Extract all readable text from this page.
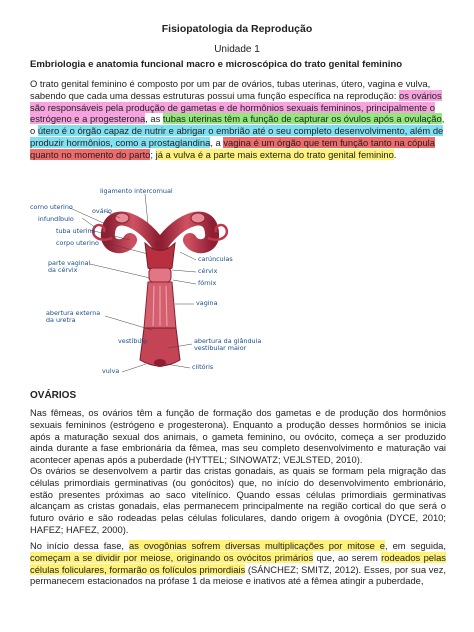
Fisiopatologia da Reprodução
Unidade 1
Embriologia e anatomia funcional macro e microscópica do trato genital feminino

O trato genital feminino é composto por um par de ovários, tubas uterinas, útero, vagina e vulva, sabendo que cada uma dessas estruturas possui uma função específica na reprodução: os ovários são responsáveis pela produção de gametas e de hormônios sexuais femininos, principalmente o estrógeno e a progesterona, as tubas uterinas têm a função de capturar os óvulos após a ovulação, o útero é o órgão capaz de nutrir e abrigar o embrião até o seu completo desenvolvimento, além de produzir hormônios, como a prostaglandina, a vagina é um órgão que tem função tanto na cópula quanto no momento do parto; já a vulva é a parte mais externa do trato genital feminino.

ligamento intercornual
corno uterino
infundíbulo
ovário
tuba uterina
corpo uterino
carúnculas
cérvix
fórnix
parte vaginal
da cérvix
vagina
abertura externa
da uretra
vestíbulo	abertura da glândula
vestibular maior
clitóris
vulva
OVÁRIOS

Nas fêmeas, os ovários têm a função de formação dos gametas e de produção dos hormônios sexuais femininos (estrógeno e progesterona). Enquanto a produção desses hormônios se inicia após a maturação sexual dos animais, o gameta feminino, ou ovócito, começa a ser produzido ainda durante a fase embrionária da fêmea, mas seu completo desenvolvimento e maturação vai acontecer apenas após a puberdade (HYTTEL; SINOWATZ; VEJLSTED, 2010).

Os ovários se desenvolvem a partir das cristas gonadais, as quais se formam pela migração das células primordiais germinativas (ou gonócitos) que, no início do desenvolvimento embrionário, estão presentes próximas ao saco vitelínico. Quando essas células primordiais germinativas alcançam as cristas gonadais, elas permanecem principalmente na região cortical do que será o futuro ovário e são rodeadas pelas células foliculares, dando origem à ovogônia (DYCE, 2010; HAFEZ; HAFEZ, 2000).

No início dessa fase, as ovogônias sofrem diversas multiplicações por mitose e, em seguida, começam a se dividir por meiose, originando os ovócitos primários que, ao serem rodeados pelas células foliculares, formarão os folículos primordiais (SÁNCHEZ; SMITZ, 2012). Esses, por sua vez, permanecem estacionados na prófase 1 da meiose e inativos até a fêmea atingir a puberdade,
